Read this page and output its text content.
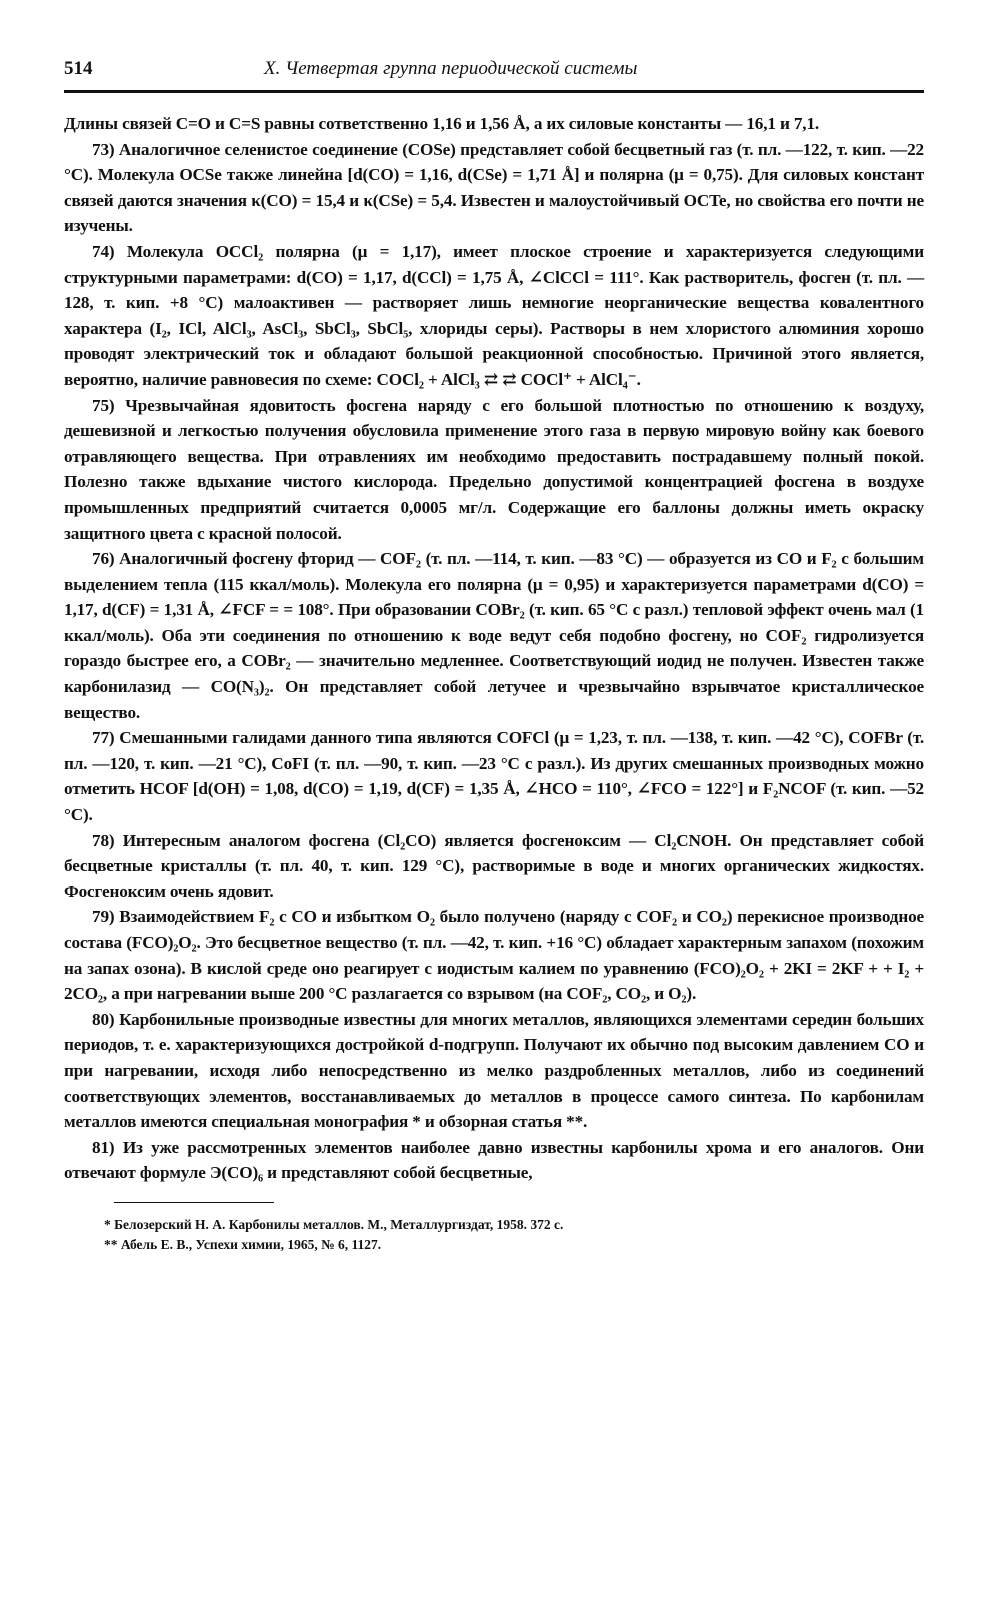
514	X. Четвертая группа периодической системы

Длины связей C=O и C=S равны сответственно 1,16 и 1,56 Å, а их силовые константы — 16,1 и 7,1.

73) Аналогичное селенистое соединение (COSe) представляет собой бесцветный газ (т. пл. —122, т. кип. —22 °C). Молекула OCSe также линейна [d(CO) = 1,16, d(CSe) = 1,71 Å] и полярна (μ = 0,75). Для силовых констант связей даются значения κ(CO) = 15,4 и κ(CSe) = 5,4. Известен и малоустойчивый OCTe, но свойства его почти не изучены.

74) Молекула OCCl₂ полярна (μ = 1,17), имеет плоское строение и характеризуется следующими структурными параметрами: d(CO) = 1,17, d(CCl) = 1,75 Å, ∠ClCCl = 111°. Как растворитель, фосген (т. пл. —128, т. кип. +8 °C) малоактивен — растворяет лишь немногие неорганические вещества ковалентного характера (I₂, ICl, AlCl₃, AsCl₃, SbCl₃, SbCl₅, хлориды серы). Растворы в нем хлористого алюминия хорошо проводят электрический ток и обладают большой реакционной способностью. Причиной этого является, вероятно, наличие равновесия по схеме: COCl₂ + AlCl₃ ⇄ ⇄ COCl⁺ + AlCl₄⁻.

75) Чрезвычайная ядовитость фосгена наряду с его большой плотностью по отношению к воздуху, дешевизной и легкостью получения обусловила применение этого газа в первую мировую войну как боевого отравляющего вещества. При отравлениях им необходимо предоставить пострадавшему полный покой. Полезно также вдыхание чистого кислорода. Предельно допустимой концентрацией фосгена в воздухе промышленных предприятий считается 0,0005 мг/л. Содержащие его баллоны должны иметь окраску защитного цвета с красной полосой.

76) Аналогичный фосгену фторид — COF₂ (т. пл. —114, т. кип. —83 °C) — образуется из CO и F₂ с большим выделением тепла (115 ккал/моль). Молекула его полярна (μ = 0,95) и характеризуется параметрами d(CO) = 1,17, d(CF) = 1,31 Å, ∠FCF = = 108°. При образовании COBr₂ (т. кип. 65 °C с разл.) тепловой эффект очень мал (1 ккал/моль). Оба эти соединения по отношению к воде ведут себя подобно фосгену, но COF₂ гидролизуется гораздо быстрее его, а COBr₂ — значительно медленнее. Соответствующий иодид не получен. Известен также карбонилазид — CO(N₃)₂. Он представляет собой летучее и чрезвычайно взрывчатое кристаллическое вещество.

77) Смешанными галидами данного типа являются COFCl (μ = 1,23, т. пл. —138, т. кип. —42 °C), COFBr (т. пл. —120, т. кип. —21 °C), CoFI (т. пл. —90, т. кип. —23 °C с разл.). Из других смешанных производных можно отметить HCOF [d(OH) = 1,08, d(CO) = 1,19, d(CF) = 1,35 Å, ∠HCO = 110°, ∠FCO = 122°] и F₂NCOF (т. кип. —52 °C).

78) Интересным аналогом фосгена (Cl₂CO) является фосгеноксим — Cl₂CNOH. Он представляет собой бесцветные кристаллы (т. пл. 40, т. кип. 129 °C), растворимые в воде и многих органических жидкостях. Фосгеноксим очень ядовит.

79) Взаимодействием F₂ с CO и избытком O₂ было получено (наряду с COF₂ и CO₂) перекисное производное состава (FCO)₂O₂. Это бесцветное вещество (т. пл. —42, т. кип. +16 °C) обладает характерным запахом (похожим на запах озона). В кислой среде оно реагирует с иодистым калием по уравнению (FCO)₂O₂ + 2KI = 2KF + + I₂ + 2CO₂, а при нагревании выше 200 °C разлагается со взрывом (на COF₂, CO₂, и O₂).

80) Карбонильные производные известны для многих металлов, являющихся элементами середин больших периодов, т. е. характеризующихся достройкой d-подгрупп. Получают их обычно под высоким давлением CO и при нагревании, исходя либо непосредственно из мелко раздробленных металлов, либо из соединений соответствующих элементов, восстанавливаемых до металлов в процессе самого синтеза. По карбонилам металлов имеются специальная монография * и обзорная статья **.

81) Из уже рассмотренных элементов наиболее давно известны карбонилы хрома и его аналогов. Они отвечают формуле Э(CO)₆ и представляют собой бесцветные,

* Белозерский Н. А. Карбонилы металлов. М., Металлургиздат, 1958. 372 с.
** Абель Е. В., Успехи химии, 1965, № 6, 1127.
